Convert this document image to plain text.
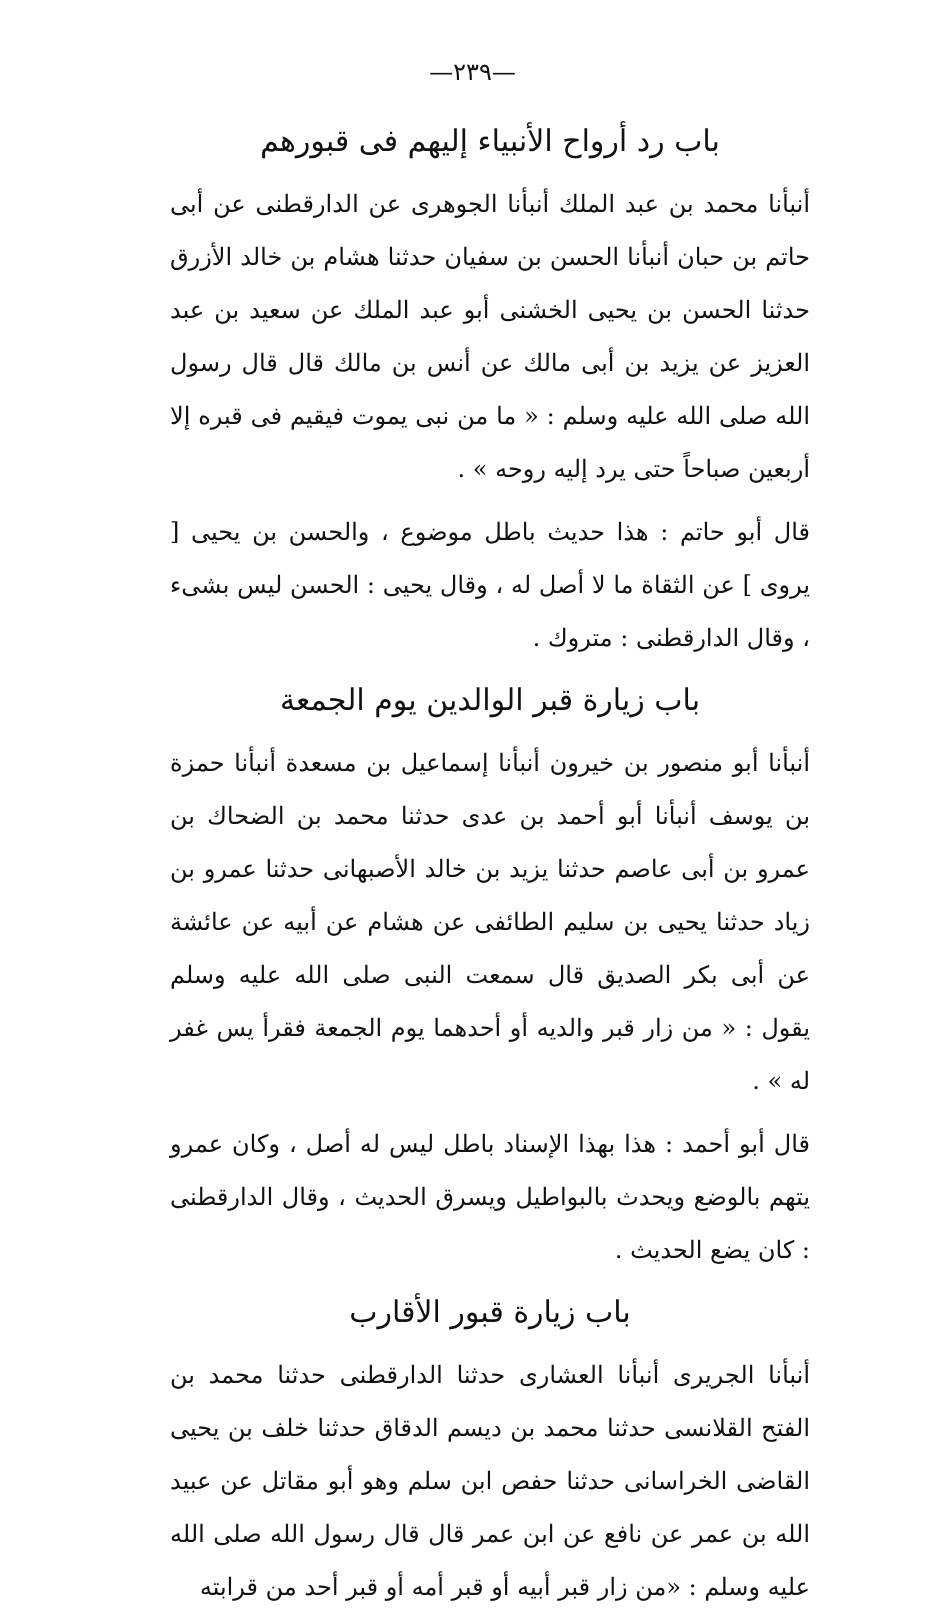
—٢٣٩—
باب رد أرواح الأنبياء إليهم فى قبورهم

أنبأنا محمد بن عبد الملك أنبأنا الجوهرى عن الدارقطنى عن أبى حاتم بن حبان أنبأنا الحسن بن سفيان حدثنا هشام بن خالد الأزرق حدثنا الحسن بن يحيى الخشنى أبو عبد الملك عن سعيد بن عبد العزيز عن يزيد بن أبى مالك عن أنس بن مالك قال قال رسول الله صلى الله عليه وسلم : « ما من نبى يموت فيقيم فى قبره إلا أربعين صباحاً حتى يرد إليه روحه » .

قال أبو حاتم : هذا حديث باطل موضوع ، والحسن بن يحيى [ يروى ] عن الثقاة ما لا أصل له ، وقال يحيى : الحسن ليس بشىء ، وقال الدارقطنى : متروك .

باب زيارة قبر الوالدين يوم الجمعة

أنبأنا أبو منصور بن خيرون أنبأنا إسماعيل بن مسعدة أنبأنا حمزة بن يوسف أنبأنا أبو أحمد بن عدى حدثنا محمد بن الضحاك بن عمرو بن أبى عاصم حدثنا يزيد بن خالد الأصبهانى حدثنا عمرو بن زياد حدثنا يحيى بن سليم الطائفى عن هشام عن أبيه عن عائشة عن أبى بكر الصديق قال سمعت النبى صلى الله عليه وسلم يقول : « من زار قبر والديه أو أحدهما يوم الجمعة فقرأ يس غفر له » .

قال أبو أحمد : هذا بهذا الإسناد باطل ليس له أصل ، وكان عمرو يتهم بالوضع ويحدث بالبواطيل ويسرق الحديث ، وقال الدارقطنى : كان يضع الحديث .

باب زيارة قبور الأقارب

أنبأنا الجريرى أنبأنا العشارى حدثنا الدارقطنى حدثنا محمد بن الفتح القلانسى حدثنا محمد بن ديسم الدقاق حدثنا خلف بن يحيى القاضى الخراسانى حدثنا حفص ابن سلم وهو أبو مقاتل عن عبيد الله بن عمر عن نافع عن ابن عمر قال قال رسول الله صلى الله عليه وسلم : «من زار قبر أبيه أو قبر أمه أو قبر أحد من قرابته
